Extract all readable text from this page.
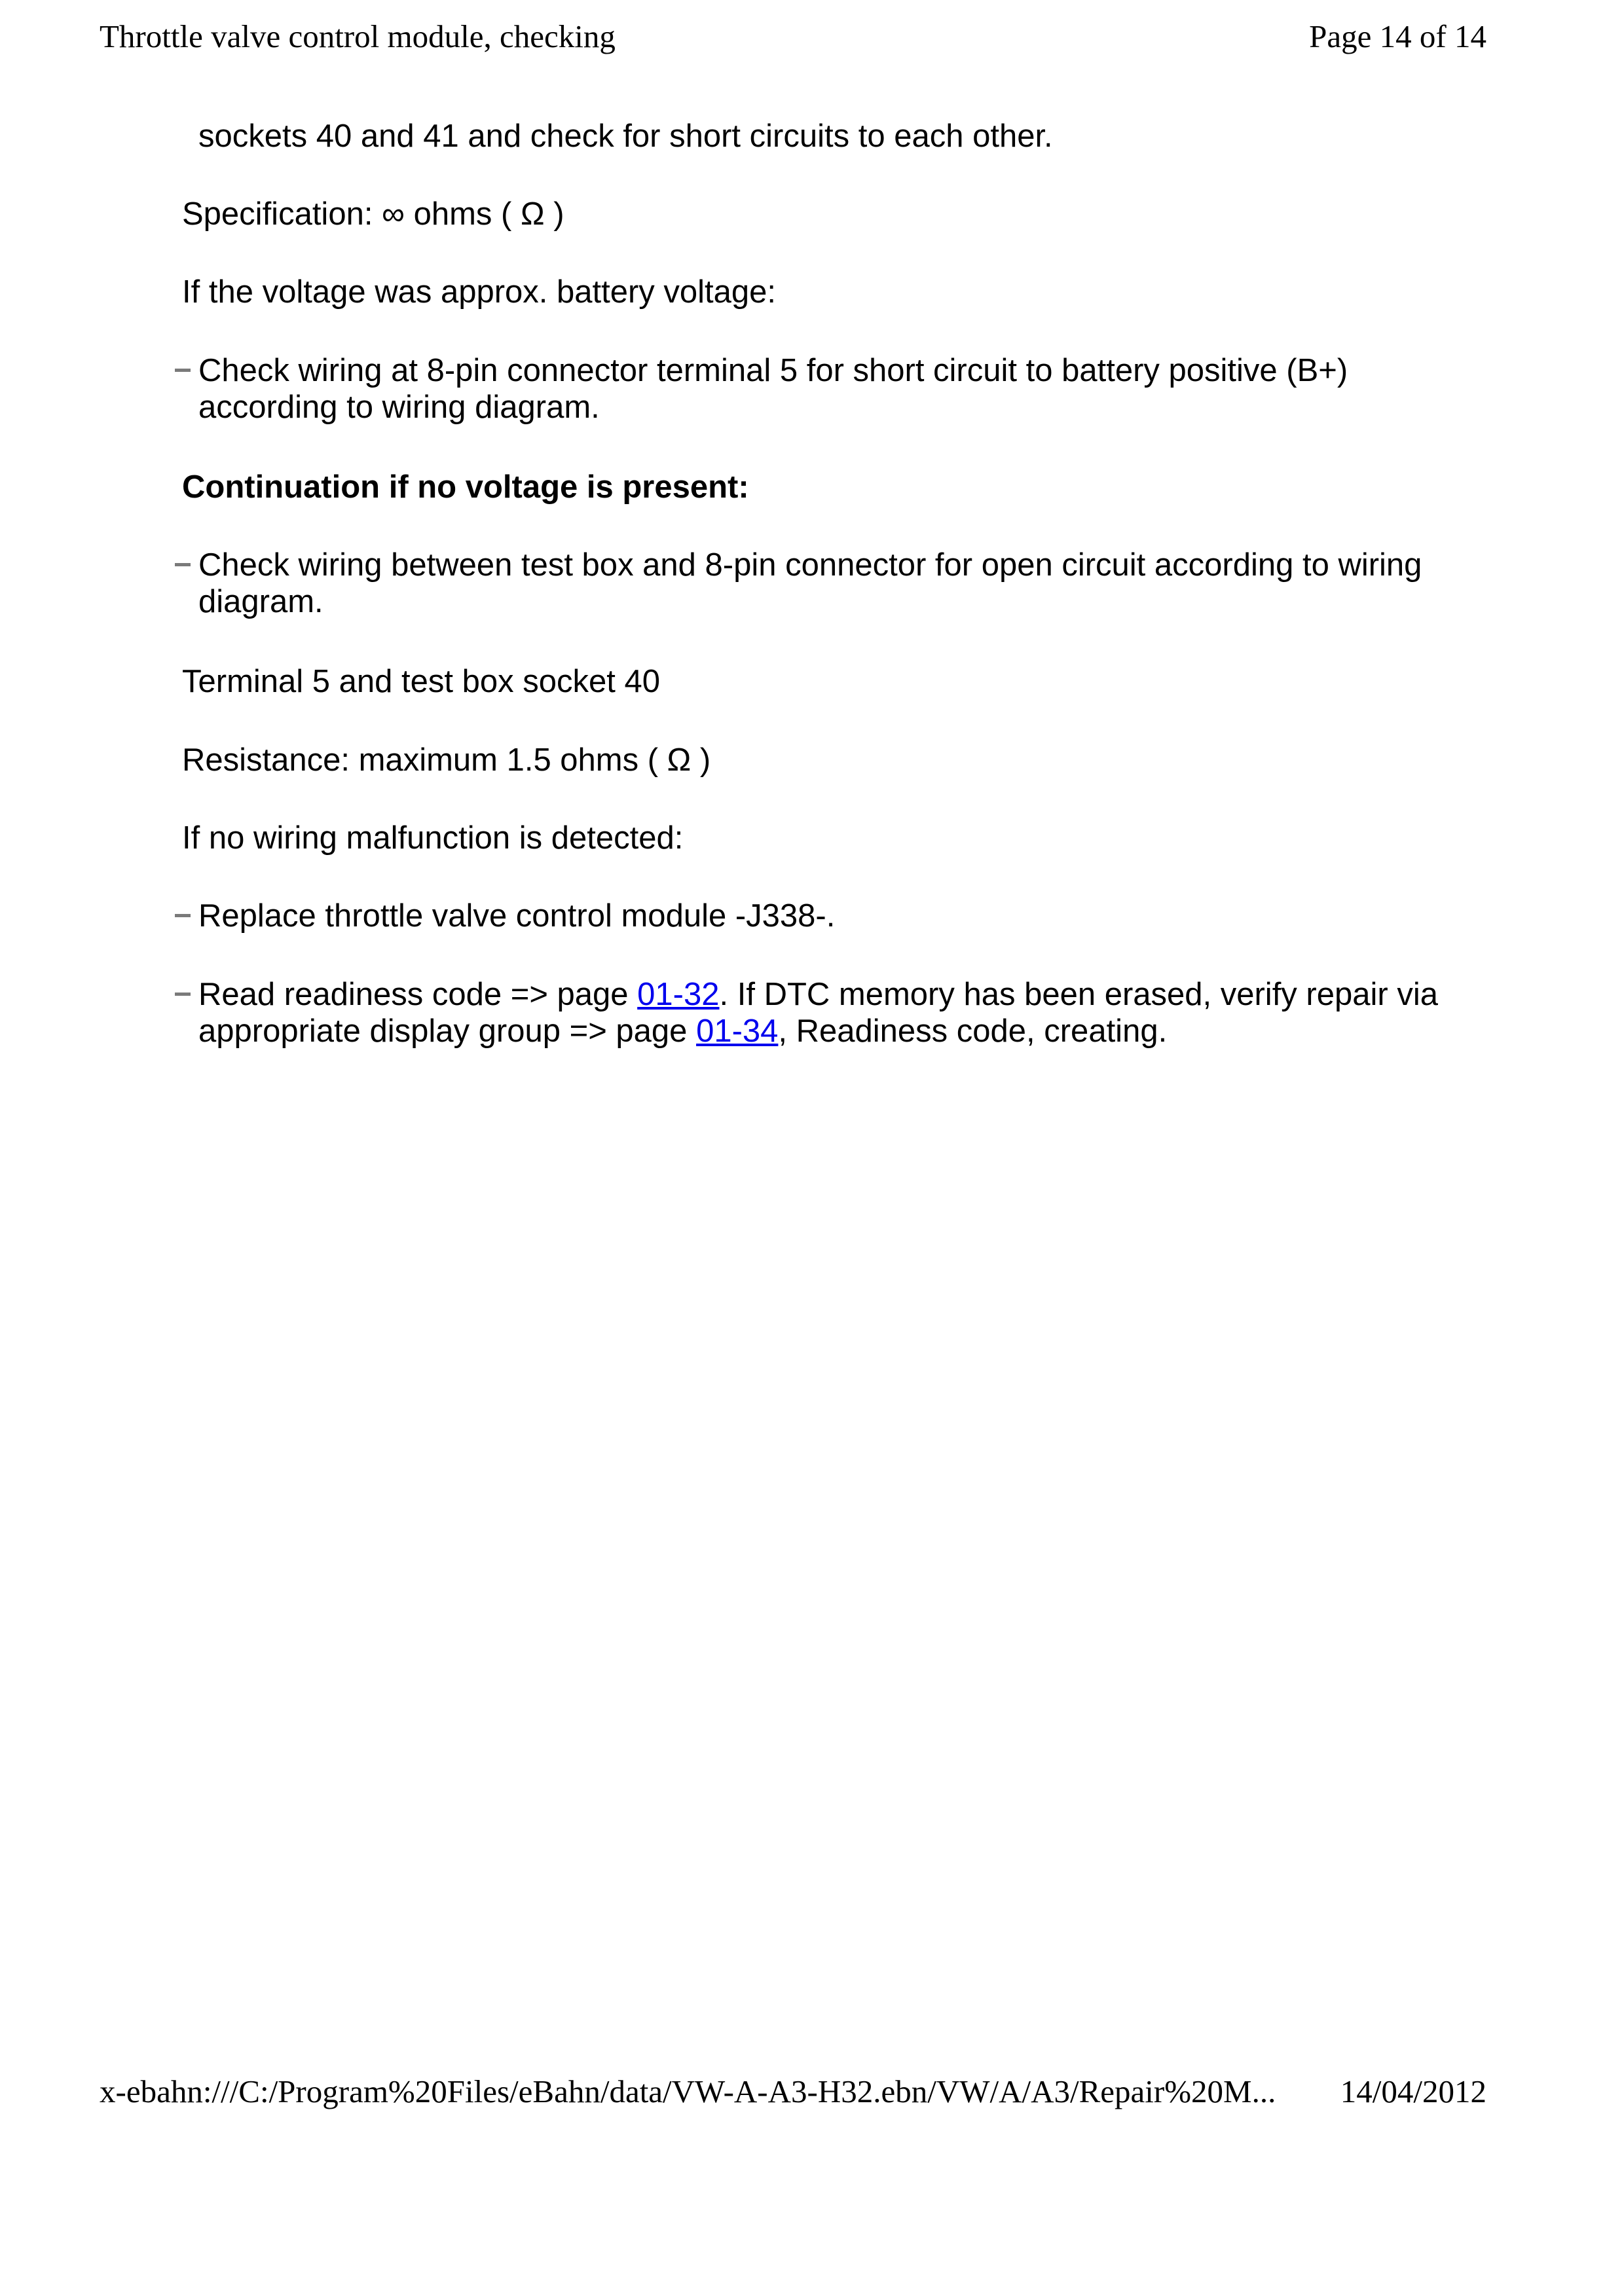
Throttle valve control module, checking	Page 14 of 14
sockets 40 and 41 and check for short circuits to each other.
Specification: ∞ ohms ( Ω )
If the voltage was approx. battery voltage:
Check wiring at 8-pin connector terminal 5 for short circuit to battery positive (B+)
according to wiring diagram.
Continuation if no voltage is present:
Check wiring between test box and 8-pin connector for open circuit according to wiring
diagram.
Terminal 5 and test box socket 40
Resistance: maximum 1.5 ohms ( Ω )
If no wiring malfunction is detected:
Replace throttle valve control module -J338-.
Read readiness code => page 01-32. If DTC memory has been erased, verify repair via
appropriate display group => page 01-34, Readiness code, creating.
x-ebahn:///C:/Program%20Files/eBahn/data/VW-A-A3-H32.ebn/VW/A/A3/Repair%20M... 14/04/2012
